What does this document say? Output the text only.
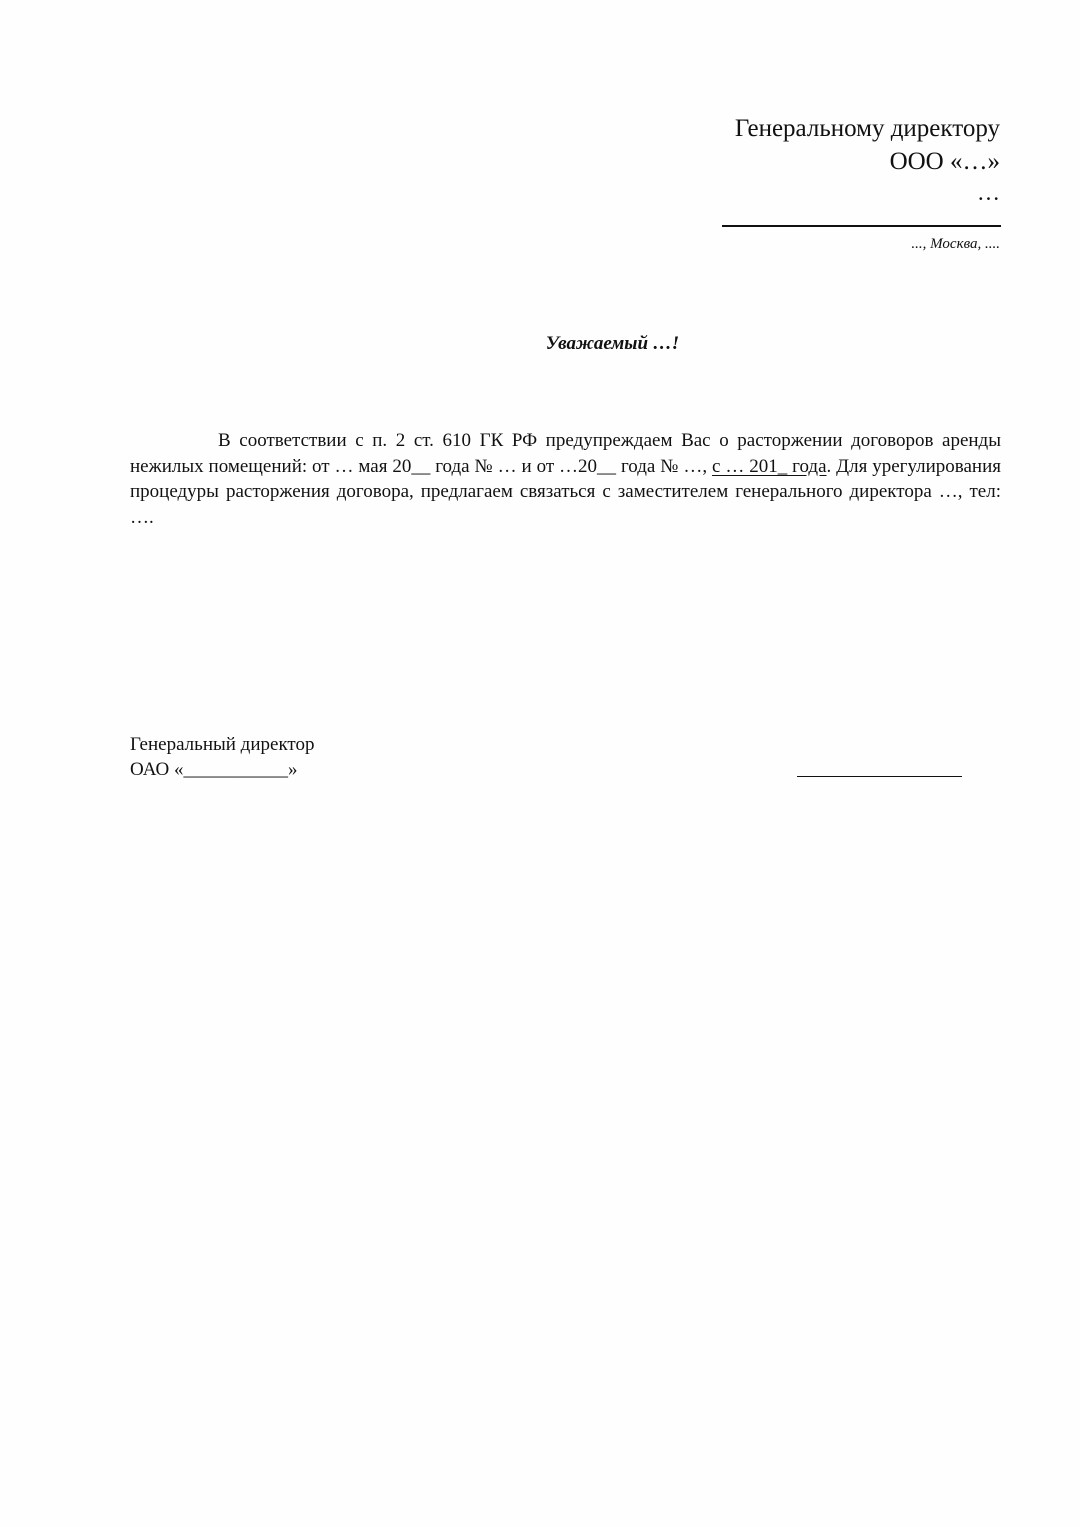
Генеральному директору
ООО «…»
…
..., Москва, ....
Уважаемый …!
В соответствии с п. 2 ст. 610 ГК РФ предупреждаем Вас о расторжении договоров аренды нежилых помещений: от … мая 20__ года № … и от …20__ года № …, с … 201_ года. Для урегулирования процедуры расторжения договора, предлагаем связаться с заместителем генерального директора …, тел: ….
Генеральный директор
ОАО «___________»
